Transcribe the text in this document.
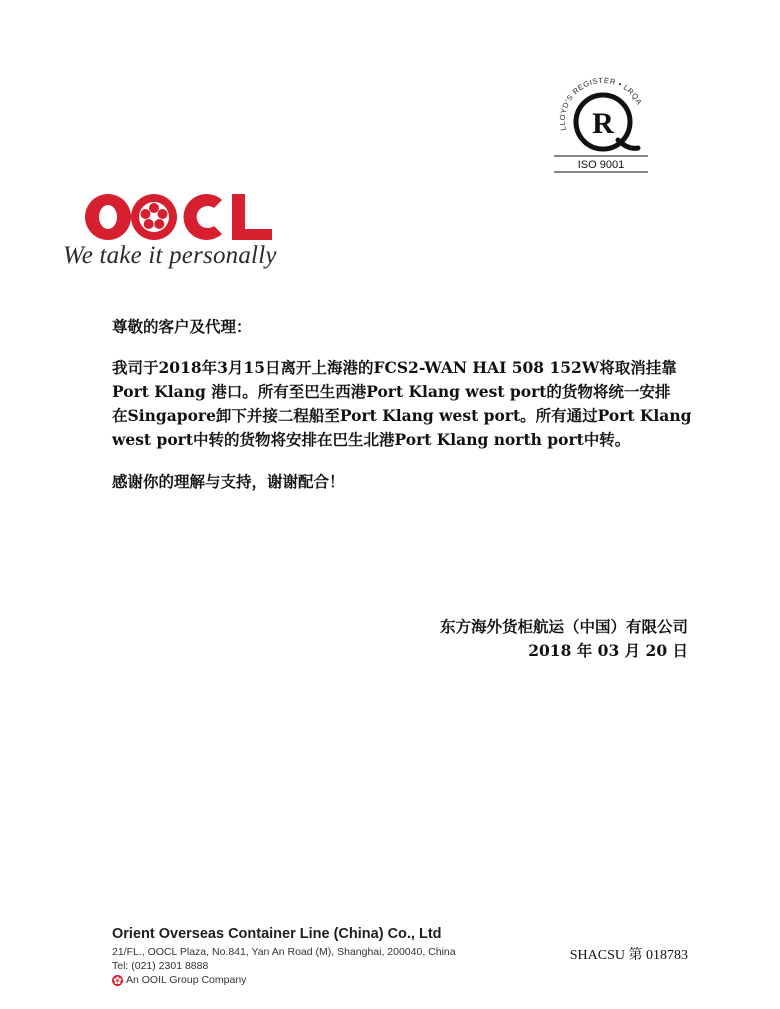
LLOYD'S REGISTER • LRQA
R
ISO 9001
We take it personally
尊敬的客户及代理：
我司于2018年3月15日离开上海港的FCS2-WAN HAI 508 152W将取消挂靠
Port Klang 港口。所有至巴生西港Port Klang west port的货物将统一安排
在Singapore卸下并接二程船至Port Klang west port。所有通过Port Klang
west port中转的货物将安排在巴生北港Port Klang north port中转。
感谢你的理解与支持，谢谢配合！
东方海外货柜航运（中国）有限公司
2018 年 03 月 20 日
Orient Overseas Container Line (China) Co., Ltd
21/FL., OOCL Plaza, No.841, Yan An Road (M), Shanghai, 200040, China
Tel: (021) 2301 8888
An OOIL Group Company
SHACSU 第 018783
